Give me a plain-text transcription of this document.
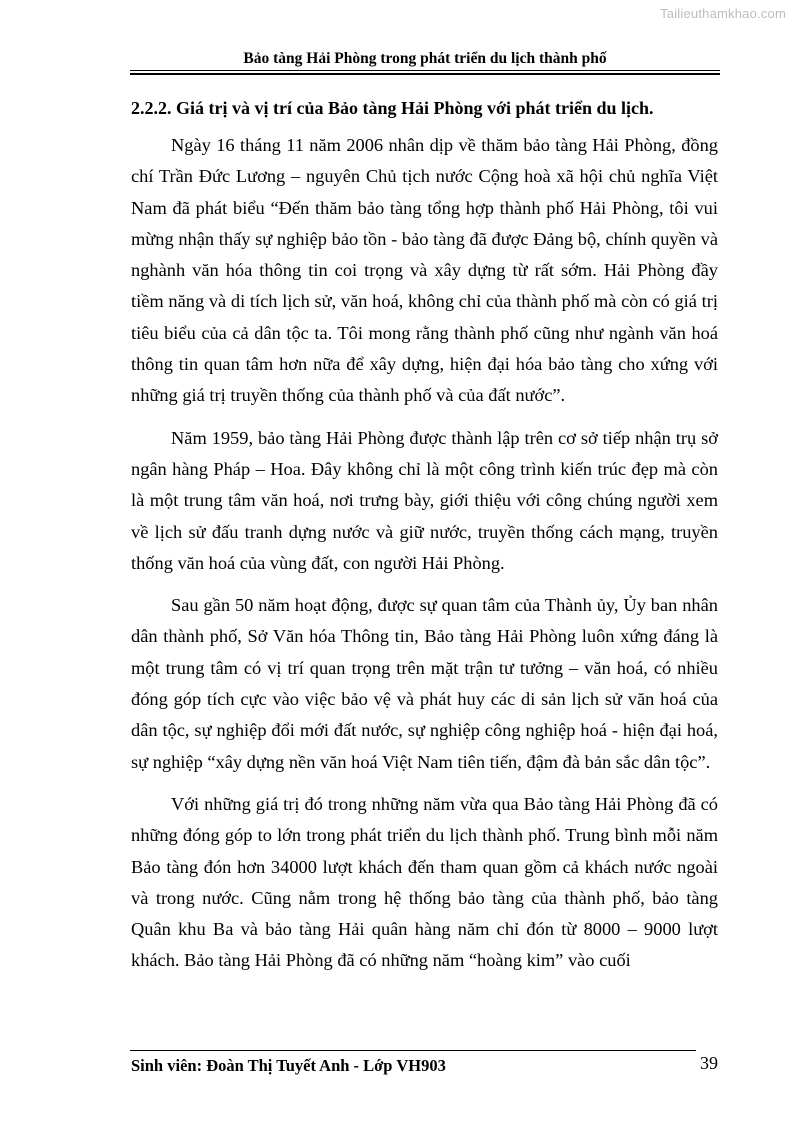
Tailieuthamkhao.com
Bảo tàng Hải Phòng trong phát triển du lịch thành phố
2.2.2. Giá trị và vị trí của Bảo tàng Hải Phòng với phát triển du lịch.

Ngày 16 tháng 11 năm 2006 nhân dịp về thăm bảo tàng Hải Phòng, đồng chí Trần Đức Lương – nguyên Chủ tịch nước Cộng hoà xã hội chủ nghĩa Việt Nam đã phát biểu “Đến thăm bảo tàng tổng hợp thành phố Hải Phòng, tôi vui mừng nhận thấy sự nghiệp bảo tồn - bảo tàng đã được Đảng bộ, chính quyền và nghành văn hóa thông tin coi trọng và xây dựng từ rất sớm. Hải Phòng đầy tiềm năng và di tích lịch sử, văn hoá, không chỉ của thành phố mà còn có giá trị tiêu biểu của cả dân tộc ta. Tôi mong rằng thành phố cũng như ngành văn hoá thông tin quan tâm hơn nữa để xây dựng, hiện đại hóa bảo tàng cho xứng với những giá trị truyền thống của thành phố và của đất nước”.

Năm 1959, bảo tàng Hải Phòng được thành lập trên cơ sở tiếp nhận trụ sở ngân hàng Pháp – Hoa. Đây không chỉ là một công trình kiến trúc đẹp mà còn là một trung tâm văn hoá, nơi trưng bày, giới thiệu với công chúng người xem về lịch sử đấu tranh dựng nước và giữ nước, truyền thống cách mạng, truyền thống văn hoá của vùng đất, con người Hải Phòng.

Sau gần 50 năm hoạt động, được sự quan tâm của Thành ủy, Ủy ban nhân dân thành phố, Sở Văn hóa Thông tin, Bảo tàng Hải Phòng luôn xứng đáng là một trung tâm có vị trí quan trọng trên mặt trận tư tưởng – văn hoá, có nhiều đóng góp tích cực vào việc bảo vệ và phát huy các di sản lịch sử văn hoá của dân tộc, sự nghiệp đổi mới đất nước, sự nghiệp công nghiệp hoá - hiện đại hoá, sự nghiệp “xây dựng nền văn hoá Việt Nam tiên tiến, đậm đà bản sắc dân tộc”.

Với những giá trị đó trong những năm vừa qua Bảo tàng Hải Phòng đã có những đóng góp to lớn trong phát triển du lịch thành phố. Trung bình mỗi năm Bảo tàng đón hơn 34000 lượt khách đến tham quan gồm cả khách nước ngoài và trong nước. Cũng nằm trong hệ thống bảo tàng của thành phố, bảo tàng Quân khu Ba và bảo tàng Hải quân hàng năm chỉ đón từ 8000 – 9000 lượt khách. Bảo tàng Hải Phòng đã có những năm “hoàng kim” vào cuối

Sinh viên: Đoàn Thị Tuyết Anh - Lớp VH903	39
